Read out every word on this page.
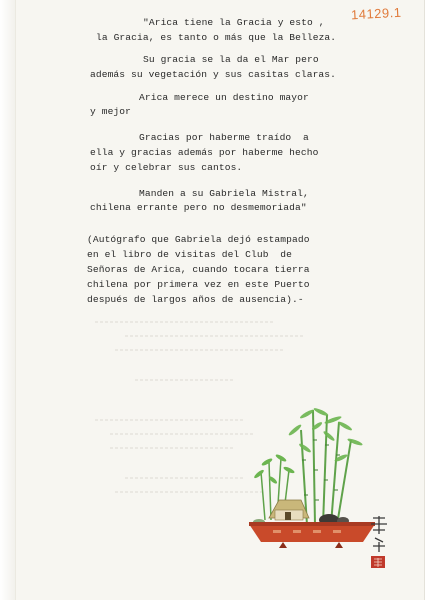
14129.1
"Arica tiene la Gracia y esto ,
la Gracia, es tanto o más que la Belleza.
Su gracia se la da el Mar pero
además su vegetación y sus casitas claras.
Arica merece un destino mayor
y mejor
Gracias por haberme traído  a
ella y gracias además por haberme hecho
oír y celebrar sus cantos.
Manden a su Gabriela Mistral,
chilena errante pero no desmemoriada"
(Autógrafo que Gabriela dejó estampado
en el libro de visitas del Club  de
Señoras de Arica, cuando tocara tierra
chilena por primera vez en este Puerto
después de largos años de ausencia).-
